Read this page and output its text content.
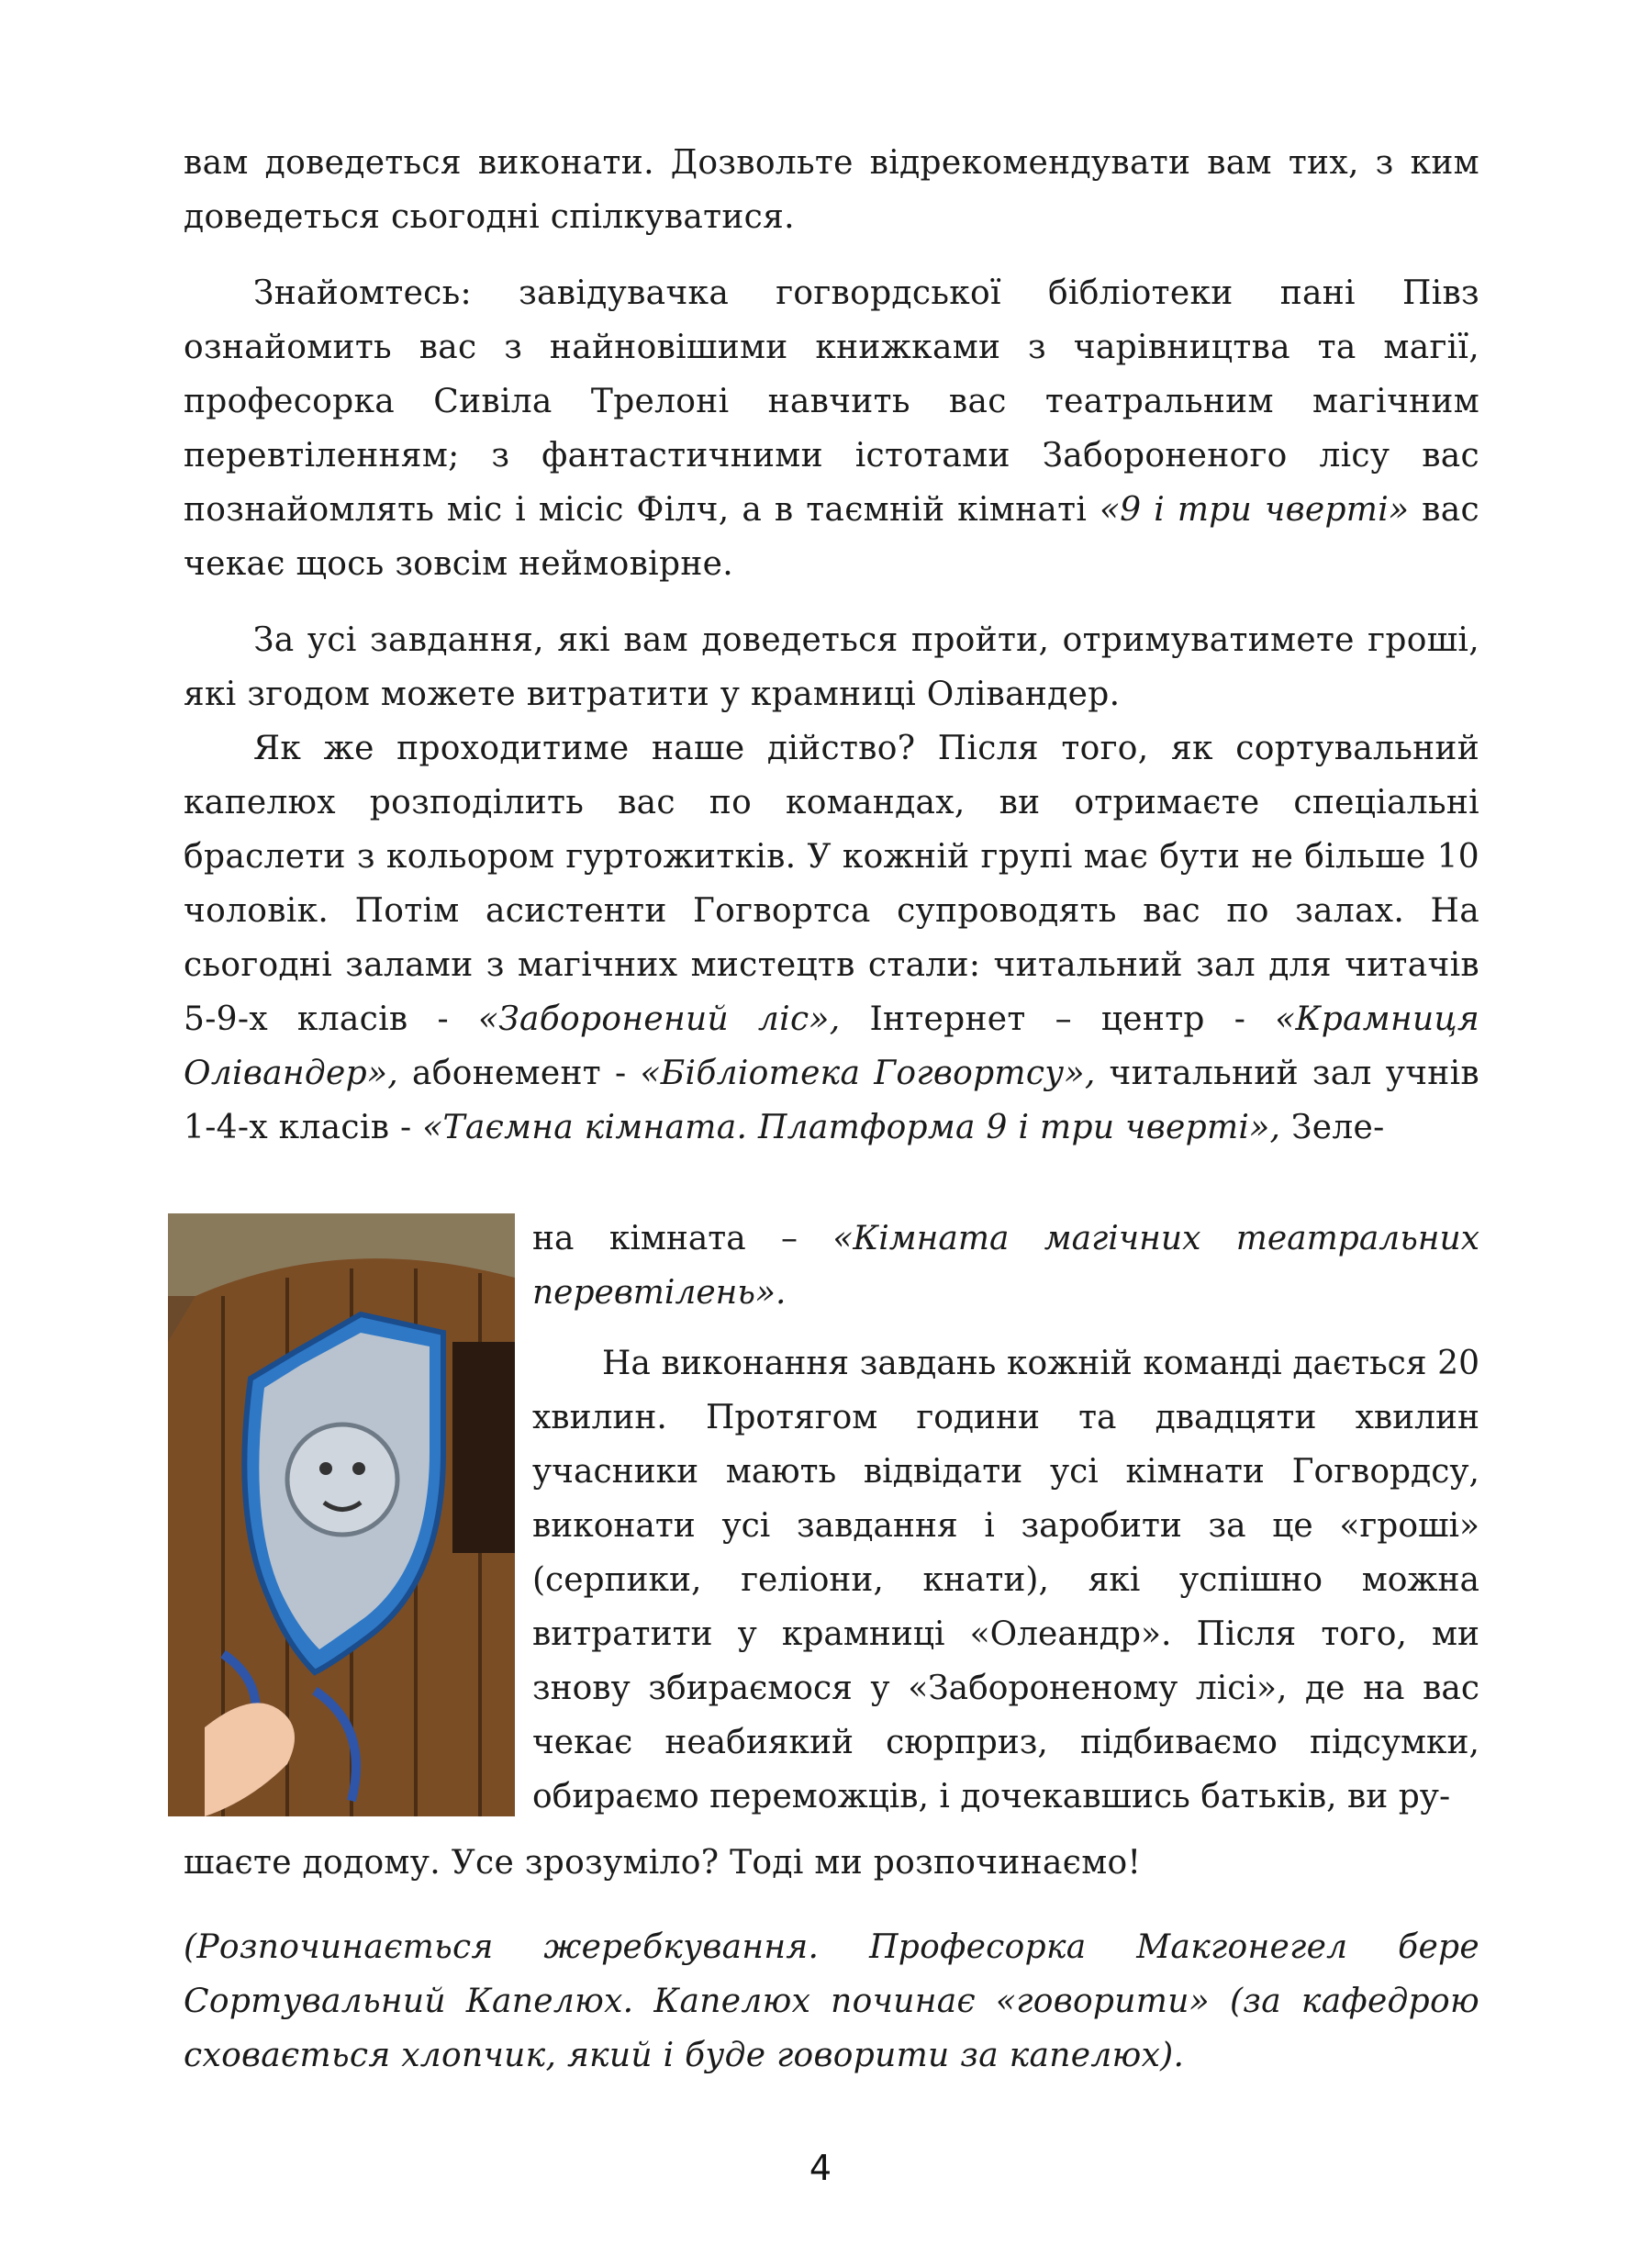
вам доведеться виконати. Дозвольте відрекомендувати вам тих, з ким доведеться сьогодні спілкуватися.

Знайомтесь: завідувачка гогвордської бібліотеки пані Півз ознайомить вас з найновішими книжками з чарівництва та магії, професорка Сивіла Трелоні навчить вас театральним магічним перевтіленням; з фантастичними істотами Забороненого лісу вас познайомлять міс і місіс Філч, а в таємній кімнаті «9 і три чверті» вас чекає щось зовсім неймовірне.

За усі завдання, які вам доведеться пройти, отримуватимете гроші, які згодом можете витратити у крамниці Олівандер.

Як же проходитиме наше дійство? Після того, як сортувальний капелюх розподілить вас по командах, ви отримаєте спеціальні браслети з кольором гуртожитків. У кожній групі має бути не більше 10 чоловік. Потім асистенти Гогвортса супроводять вас по залах. На сьогодні залами з магічних мистецтв стали: читальний зал для читачів 5-9-х класів - «Заборонений ліс», Інтернет – центр - «Крамниця Олівандер», абонемент - «Бібліотека Гогвортсу», читальний зал учнів 1-4-х класів - «Таємна кімната. Платформа 9 і три чверті», Зеле-

на кімната – «Кімната магічних театральних перевтілень».

На виконання завдань кожній команді дається 20 хвилин. Протягом години та двадцяти хвилин учасники мають відвідати усі кімнати Гогвордсу, виконати усі завдання і заробити за це «гроші» (серпики, геліони, кнати), які успішно можна витратити у крамниці «Олеандр». Після того, ми знову збираємося у «Забороненому лісі», де на вас чекає неабиякий сюрприз, підбиваємо підсумки, обираємо переможців, і дочекавшись батьків, ви ру-

шаєте додому. Усе зрозуміло? Тоді ми розпочинаємо!

(Розпочинається жеребкування. Професорка Макгонегел бере Сортувальний Капелюх. Капелюх починає «говорити» (за кафедрою сховається хлопчик, який і буде говорити за капелюх).

4
